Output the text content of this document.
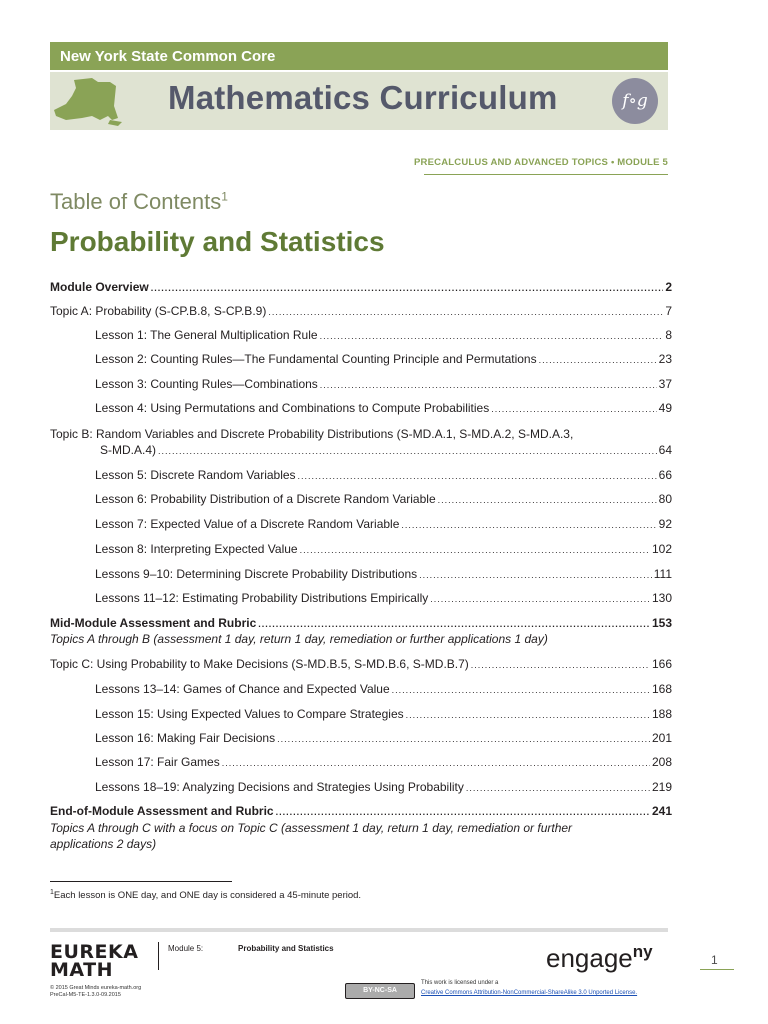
New York State Common Core
Mathematics Curriculum	f∘g
PRECALCULUS AND ADVANCED TOPICS • MODULE 5
Table of Contents$^1$
Probability and Statistics
Module Overview .....	2
Topic A: Probability (S-CP.B.8, S-CP.B.9) .....	7
Lesson 1: The General Multiplication Rule .....	8
Lesson 2: Counting Rules—The Fundamental Counting Principle and Permutations .....	23
Lesson 3: Counting Rules—Combinations .....	37
Lesson 4: Using Permutations and Combinations to Compute Probabilities .....	49
Topic B: Random Variables and Discrete Probability Distributions (S-MD.A.1, S-MD.A.2, S-MD.A.3,
S-MD.A.4) .....	64
Lesson 5: Discrete Random Variables .....	66
Lesson 6: Probability Distribution of a Discrete Random Variable .....	80
Lesson 7: Expected Value of a Discrete Random Variable .....	92
Lesson 8: Interpreting Expected Value .....	102
Lessons 9–10: Determining Discrete Probability Distributions .....	111
Lessons 11–12: Estimating Probability Distributions Empirically .....	130
Mid-Module Assessment and Rubric .....	153
Topics A through B (assessment 1 day, return 1 day, remediation or further applications 1 day)
Topic C: Using Probability to Make Decisions (S-MD.B.5, S-MD.B.6, S-MD.B.7) .....	166
Lessons 13–14: Games of Chance and Expected Value .....	168
Lesson 15: Using Expected Values to Compare Strategies .....	188
Lesson 16: Making Fair Decisions .....	201
Lesson 17: Fair Games .....	208
Lessons 18–19: Analyzing Decisions and Strategies Using Probability .....	219
End-of-Module Assessment and Rubric .....	241
Topics A through C with a focus on Topic C (assessment 1 day, return 1 day, remediation or further
applications 2 days)
$^1$Each lesson is ONE day, and ONE day is considered a 45-minute period.
EUREKA
MATH
Module 5:	Probability and Statistics
© 2015 Great Minds eureka-math.org
PreCal-M5-TE-1.3.0-09.2015
BY-NC-SA
This work is licensed under a
Creative Commons Attribution-NonCommercial-ShareAlike 3.0 Unported License.
engage$^{ny}$	1
